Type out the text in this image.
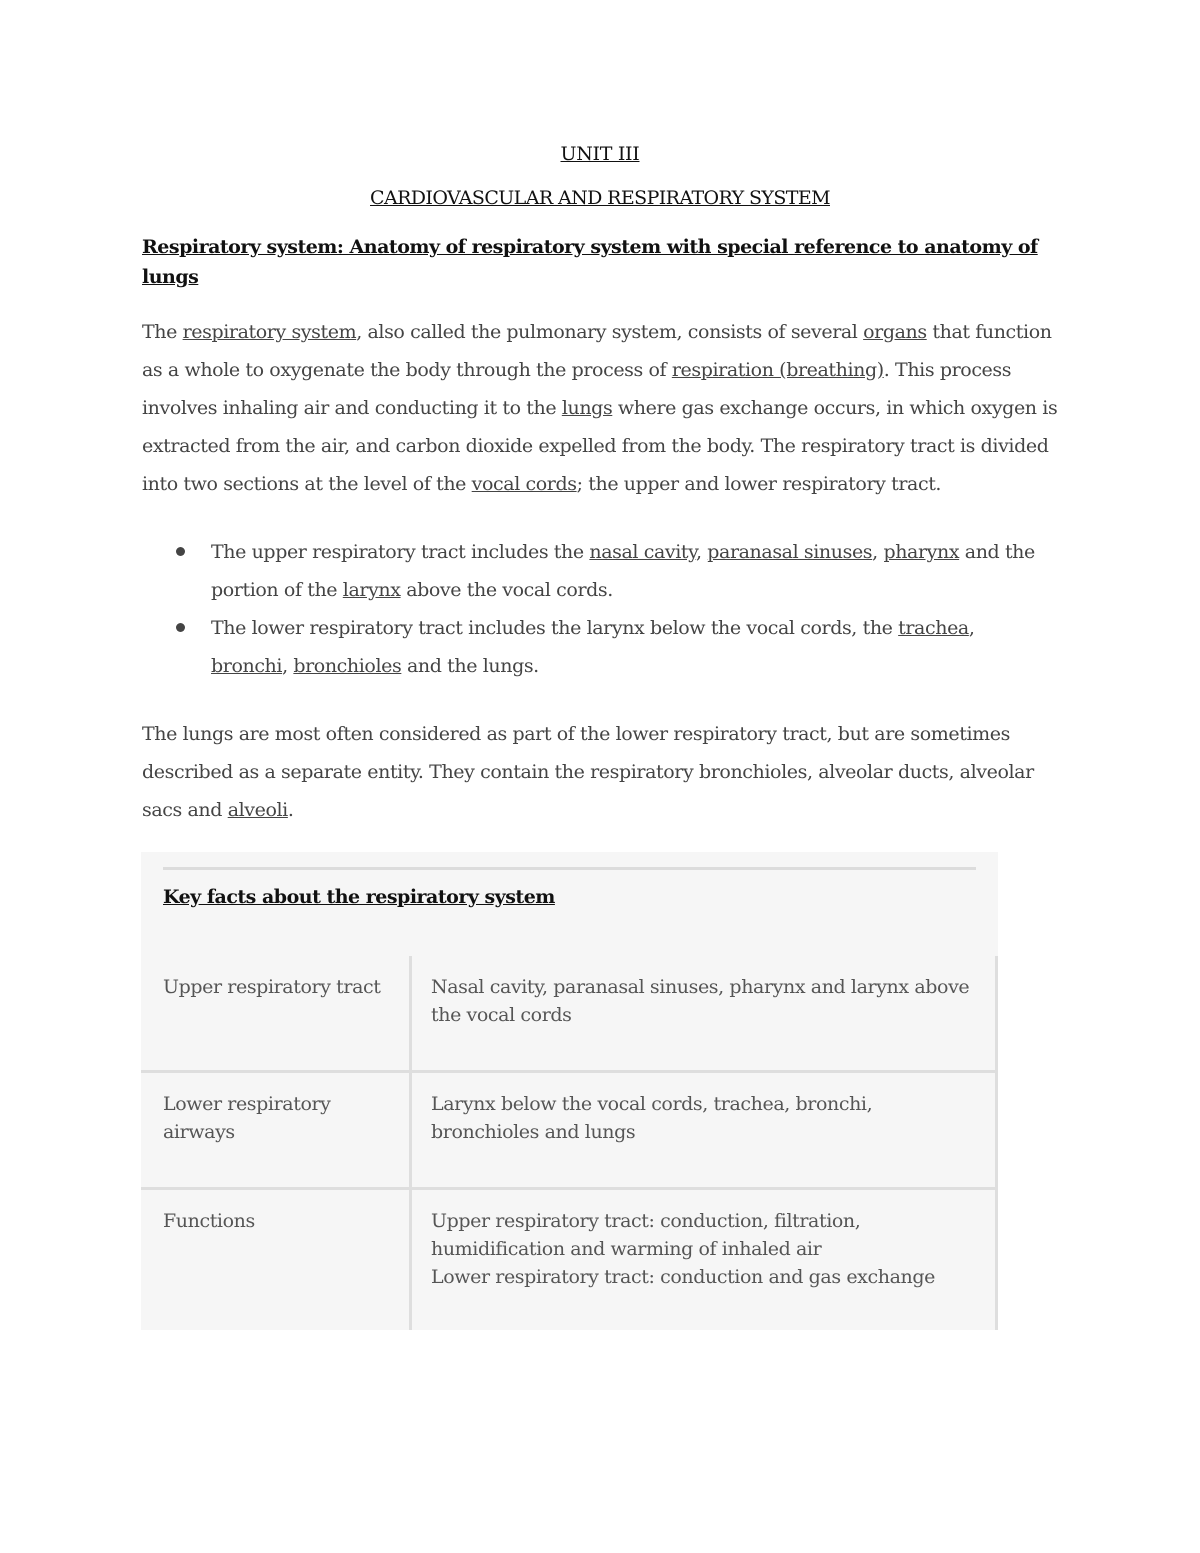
UNIT III
CARDIOVASCULAR AND RESPIRATORY SYSTEM
Respiratory system: Anatomy of respiratory system with special reference to anatomy of lungs
The respiratory system, also called the pulmonary system, consists of several organs that function as a whole to oxygenate the body through the process of respiration (breathing). This process involves inhaling air and conducting it to the lungs where gas exchange occurs, in which oxygen is extracted from the air, and carbon dioxide expelled from the body. The respiratory tract is divided into two sections at the level of the vocal cords; the upper and lower respiratory tract.
The upper respiratory tract includes the nasal cavity, paranasal sinuses, pharynx and the portion of the larynx above the vocal cords.
The lower respiratory tract includes the larynx below the vocal cords, the trachea, bronchi, bronchioles and the lungs.
The lungs are most often considered as part of the lower respiratory tract, but are sometimes described as a separate entity. They contain the respiratory bronchioles, alveolar ducts, alveolar sacs and alveoli.
Key facts about the respiratory system
Upper respiratory tract	Nasal cavity, paranasal sinuses, pharynx and larynx above the vocal cords
Lower respiratory airways
Larynx below the vocal cords, trachea, bronchi, bronchioles and lungs
Functions	Upper respiratory tract: conduction, filtration, humidification and warming of inhaled air
Lower respiratory tract: conduction and gas exchange
